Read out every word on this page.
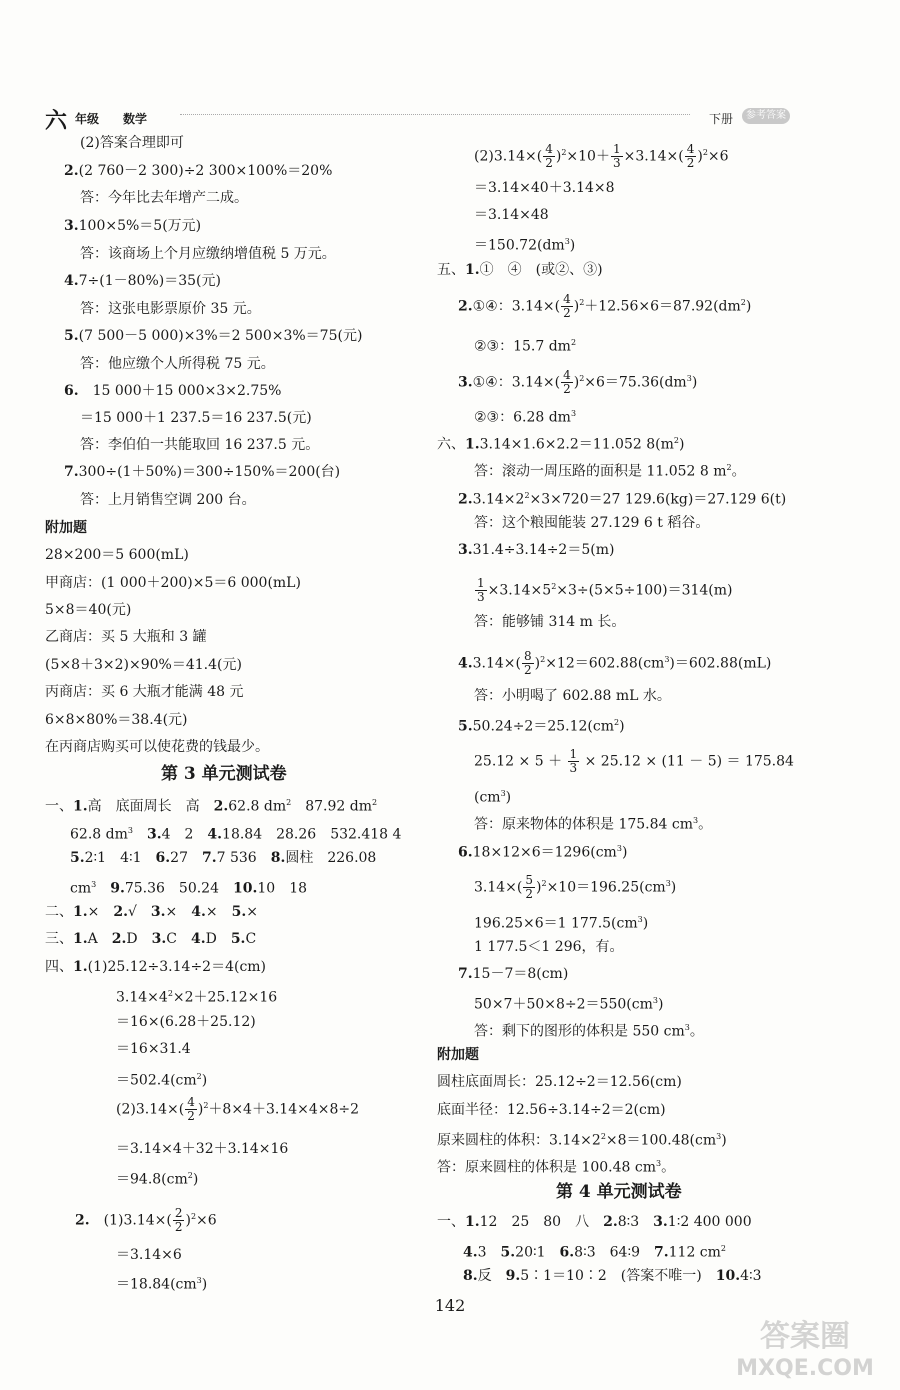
六 年级 数学	下册	参考答案
(2)答案合理即可
2.(2 760－2 300)÷2 300×100%＝20%
答：今年比去年增产二成。
3.100×5%＝5(万元)
答：该商场上个月应缴纳增值税 5 万元。
4.7÷(1－80%)＝35(元)
答：这张电影票原价 35 元。
5.(7 500－5 000)×3%＝2 500×3%＝75(元)
答：他应缴个人所得税 75 元。
6.　 15 000＋15 000×3×2.75%
＝15 000＋1 237.5＝16 237.5(元)
答：李伯伯一共能取回 16 237.5 元。
7.300÷(1＋50%)＝300÷150%＝200(台)
答：上月销售空调 200 台。
附加题
28×200＝5 600(mL)
甲商店：(1 000＋200)×5＝6 000(mL)
5×8＝40(元)
乙商店：买 5 大瓶和 3 罐
(5×8＋3×2)×90%＝41.4(元)
丙商店：买 6 大瓶才能满 48 元
6×8×80%＝38.4(元)
在丙商店购买可以使花费的钱最少。
第 3 单元测试卷
一、1.高　底面周长　高　2.62.8 $dm^2$　87.92 $dm^2$
62.8 $dm^3$　 3.4　2　4.18.84　28.26　532.418 4
5.2∶1　4∶1　6.27　7.7 536　8.圆柱　226.08
$cm^3$　 9.75.36　50.24　10.10　18
二、1.×　2.√　3.×　4.×　5.×
三、1.A　2.D　3.C　4.D　5.C
四、1.(1)25.12÷3.14÷2＝4(cm)
$3.14\times 4^2\times 2+25.12\times 16$
＝16×(6.28＋25.12)
＝16×31.4
$=502.4(cm^2)$
$(2)3.14\times( \frac{4}{2} )^2+8\times 4+3.14\times 4\times 8\div 2$
＝3.14×4＋32＋3.14×16
$=94.8(cm^2)$
2.　 $(1)3.14\times( \frac{2}{2} )^2\times 6$
＝3.14×6
$=18.84(cm^3)$
$(2)3.14\times( \frac{4}{2} )^2\times 10+ \frac{1}{3} \times 3.14\times( \frac{4}{2} )^2\times 6$
＝3.14×40＋3.14×8
＝3.14×48
$=150.72(dm^3)$
五、1.①　④　(或②、③)
2.①④：$3.14\times( \frac{4}{2} )^2+12.56\times 6=87.92(dm^2)$
②③：15.7 $dm^2$
3.①④：$3.14\times( \frac{4}{2} )^2\times 6=75.36(dm^3)$
②③：6.28 $dm^3$
六、1.3.14×1.6×2.2＝11.052 $8(m^2)$
答：滚动一周压路的面积是 11.052 8 $m^2$。
$2.3.14\times 2^2\times 3\times 720=27$ 129.6(kg)＝27.129 6(t)
答：这个粮囤能装 27.129 6 t 稻谷。
3.31.4÷3.14÷2＝5(m)
$\frac{1}{3} \times 3.14\times 5^2\times 3\div(5\times 5\div 100)=314(m)$
答：能够铺 314 m 长。
$4.3.14\times( \frac{8}{2} )^2\times 12=602.88(cm^3)=602.88(mL)$
答：小明喝了 602.88 mL 水。
$5.50.24\div 2=25.12(cm^2)$
$25.12 \times 5 + \frac{1}{3} \times 25.12 \times (11 - 5) = 175.84$
$(cm^3)$
答：原来物体的体积是 175.84 $cm^3$。
$6.18\times 12\times 6=1296(cm^3)$
$3.14\times( \frac{5}{2} )^2\times 10=196.25(cm^3)$
196.25×6＝1 $177.5(cm^3)$
1 177.5＜1 296，有。
7.15－7＝8(cm)
$50\times 7+50\times 8\div 2=550(cm^3)$
答：剩下的图形的体积是 550 $cm^3$。
附加题
圆柱底面周长：25.12÷2＝12.56(cm)
底面半径：12.56÷3.14÷2＝2(cm)
原来圆柱的体积：$3.14\times 2^2\times 8=100.48(cm^3)$
答：原来圆柱的体积是 100.48 $cm^3$。
第 4 单元测试卷
一、1.12　25　80　八　2.8∶3　3.1∶2 400 000
4.3　5.20∶1　6.8∶3　64∶9　7.112 $cm^2$
8.反　9.5∶1＝10∶2　(答案不唯一)　10.4∶3
142
答案圈
MXQE.COM
